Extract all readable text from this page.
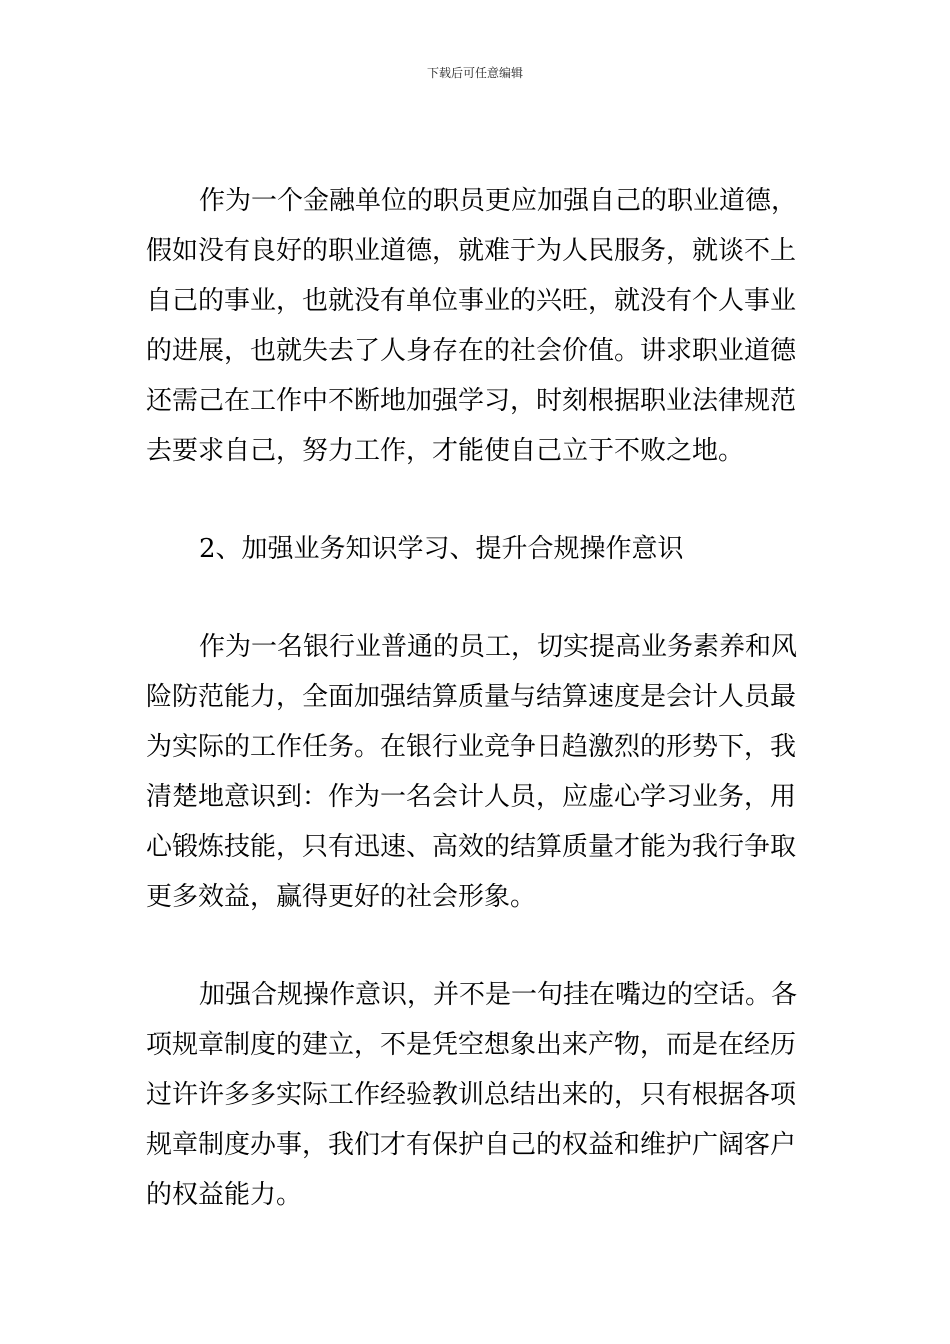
下载后可任意编辑
作为一个金融单位的职员更应加强自己的职业道德，
假如没有良好的职业道德，就难于为人民服务，就谈不上
自己的事业，也就没有单位事业的兴旺，就没有个人事业
的进展，也就失去了人身存在的社会价值。讲求职业道德
还需己在工作中不断地加强学习，时刻根据职业法律规范
去要求自己，努力工作，才能使自己立于不败之地。
2、加强业务知识学习、提升合规操作意识
作为一名银行业普通的员工，切实提高业务素养和风
险防范能力，全面加强结算质量与结算速度是会计人员最
为实际的工作任务。在银行业竞争日趋激烈的形势下，我
清楚地意识到：作为一名会计人员，应虚心学习业务，用
心锻炼技能，只有迅速、高效的结算质量才能为我行争取
更多效益，赢得更好的社会形象。
加强合规操作意识，并不是一句挂在嘴边的空话。各
项规章制度的建立，不是凭空想象出来产物，而是在经历
过许许多多实际工作经验教训总结出来的，只有根据各项
规章制度办事，我们才有保护自己的权益和维护广阔客户
的权益能力。
